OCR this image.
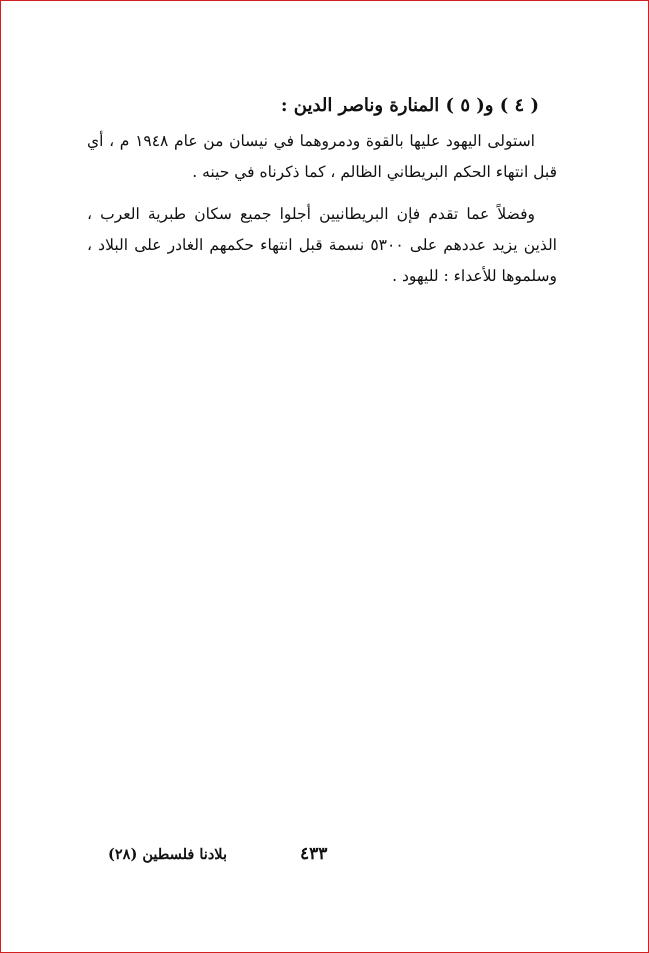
( ٤ ) و( ٥ ) المنارة وناصر الدين :
استولى اليهود عليها بالقوة ودمروهما في نيسان من عام ١٩٤٨ م ، أي قبل انتهاء الحكم البريطاني الظالم ، كما ذكرناه في حينه .
وفضلاً عما تقدم فإن البريطانيين أجلوا جميع سكان طبرية العرب ، الذين يزيد عددهم على ٥٣٠٠ نسمة قبل انتهاء حكمهم الغادر على البلاد ، وسلموها للأعداء : لليهود .
بلادنا فلسطين (٢٨)	٤٣٣
